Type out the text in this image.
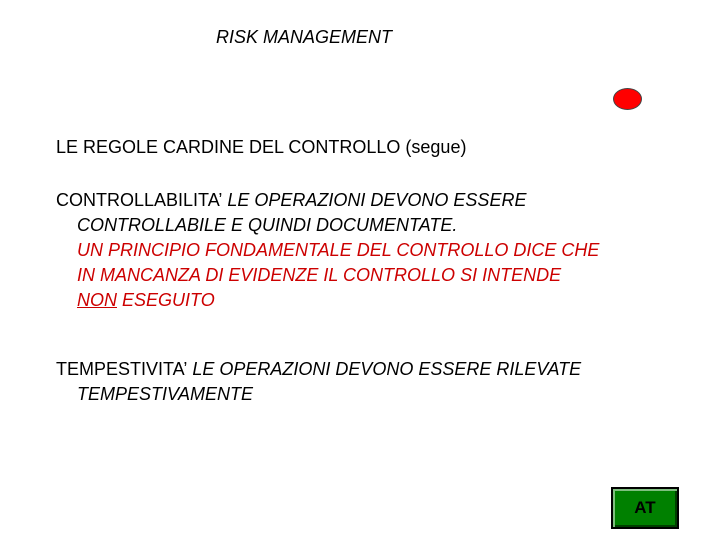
RISK MANAGEMENT
LE REGOLE CARDINE DEL CONTROLLO (segue)
CONTROLLABILITA’ LE OPERAZIONI DEVONO ESSERE
CONTROLLABILE E QUINDI DOCUMENTATE.
UN PRINCIPIO FONDAMENTALE DEL CONTROLLO DICE CHE
IN MANCANZA DI EVIDENZE IL CONTROLLO SI INTENDE
NON ESEGUITO
TEMPESTIVITA’ LE OPERAZIONI DEVONO ESSERE RILEVATE
TEMPESTIVAMENTE
AT
